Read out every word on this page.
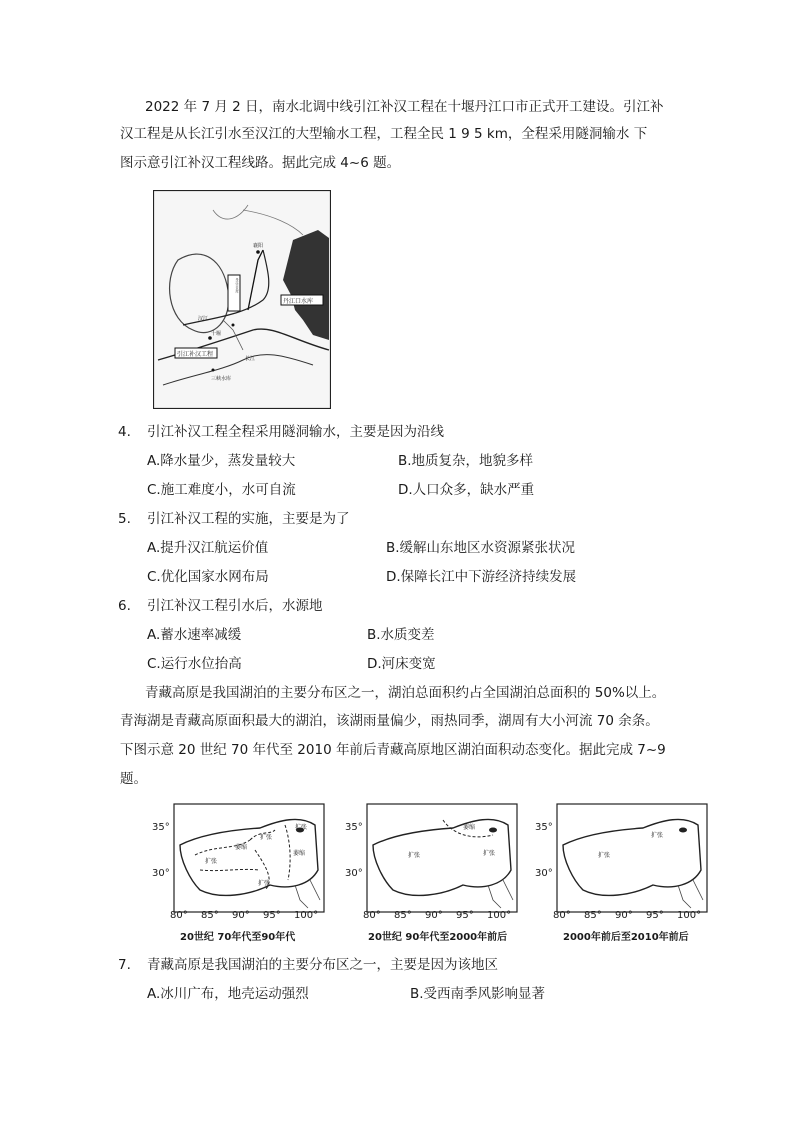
2022 年 7 月 2 日，南水北调中线引江补汉工程在十堰丹江口市正式开工建设。引江补
汉工程是从长江引水至汉江的大型输水工程，工程全民 1 9 5 km，全程采用隧洞输水 下
图示意引江补汉工程线路。据此完成 4~6 题。
丹江口水库
丹江口水库
引江补汉工程
汉江
长江
襄阳
三峡水库
十堰
4. 引江补汉工程全程采用隧洞输水，主要是因为沿线
A.降水量少，蒸发量较大	B.地质复杂，地貌多样
C.施工难度小，水可自流	D.人口众多，缺水严重
5. 引江补汉工程的实施，主要是为了
A.提升汉江航运价值	B.缓解山东地区水资源紧张状况
C.优化国家水网布局	D.保障长江中下游经济持续发展
6. 引江补汉工程引水后，水源地
A.蓄水速率减缓	B.水质变差
C.运行水位抬高	D.河床变宽
青藏高原是我国湖泊的主要分布区之一，湖泊总面积约占全国湖泊总面积的 50%以上。
青海湖是青藏高原面积最大的湖泊，该湖雨量偏少，雨热同季，湖周有大小河流 70 余条。
下图示意 20 世纪 70 年代至 2010 年前后青藏高原地区湖泊面积动态变化。据此完成 7~9
题。
35°
30°
80° 85° 90° 95° 100°
扩张
萎缩
扩张
扩张
萎缩
扩张
20世纪 70年代至90年代
35°
30°
80° 85° 90° 95° 100°
萎缩
扩张	扩张
20世纪 90年代至2000年前后
35°
30°
80° 85° 90° 95° 100°
扩张
扩张
2000年前后至2010年前后
7. 青藏高原是我国湖泊的主要分布区之一，主要是因为该地区
A.冰川广布，地壳运动强烈	B.受西南季风影响显著
